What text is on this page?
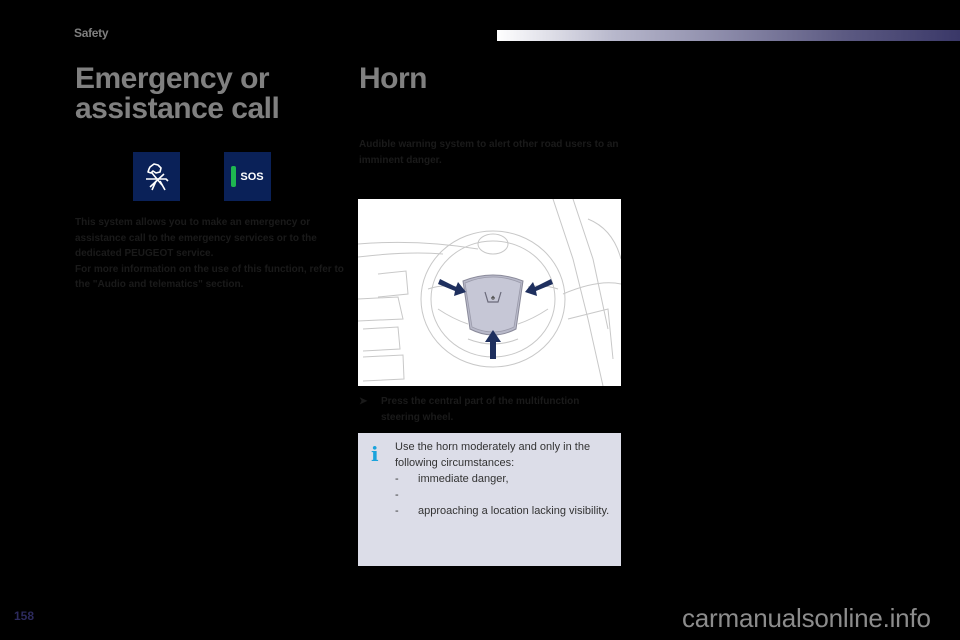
Safety
Emergency or
assistance call
SOS
This system allows you to make an emergency or assistance call to the emergency services or to the dedicated PEUGEOT service.
For more information on the use of this function, refer to the "Audio and telematics" section.
Horn
Audible warning system to alert other road users to an imminent danger.
♠
➤	Press the central part of the multifunction steering wheel.
i Use the horn moderately and only in the following circumstances:
-	immediate danger,
-
-	approaching a location lacking visibility.
158	carmanualsonline.info
